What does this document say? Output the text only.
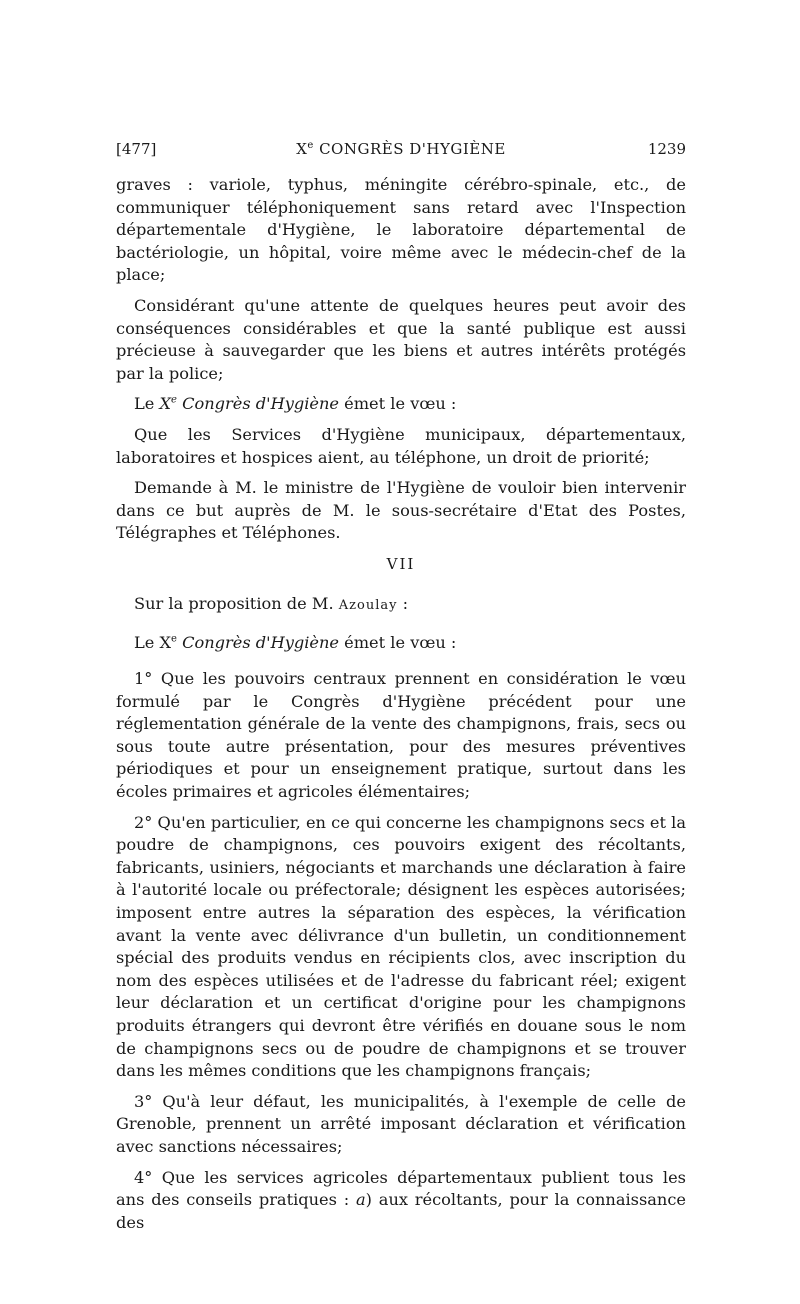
[477]	Xe CONGRÈS D'HYGIÈNE	1239

graves : variole, typhus, méningite cérébro-spinale, etc., de communiquer téléphoniquement sans retard avec l'Inspection départementale d'Hygiène, le laboratoire départemental de bactériologie, un hôpital, voire même avec le médecin-chef de la place;

Considérant qu'une attente de quelques heures peut avoir des conséquences considérables et que la santé publique est aussi précieuse à sauvegarder que les biens et autres intérêts protégés par la police;

Le Xe Congrès d'Hygiène émet le vœu :

Que les Services d'Hygiène municipaux, départementaux, laboratoires et hospices aient, au téléphone, un droit de priorité;

Demande à M. le ministre de l'Hygiène de vouloir bien intervenir dans ce but auprès de M. le sous-secrétaire d'Etat des Postes, Télégraphes et Téléphones.

VII

Sur la proposition de M. Azoulay :

Le Xe Congrès d'Hygiène émet le vœu :

1° Que les pouvoirs centraux prennent en considération le vœu formulé par le Congrès d'Hygiène précédent pour une réglementation générale de la vente des champignons, frais, secs ou sous toute autre présentation, pour des mesures préventives périodiques et pour un enseignement pratique, surtout dans les écoles primaires et agricoles élémentaires;

2° Qu'en particulier, en ce qui concerne les champignons secs et la poudre de champignons, ces pouvoirs exigent des récoltants, fabricants, usiniers, négociants et marchands une déclaration à faire à l'autorité locale ou préfectorale; désignent les espèces autorisées; imposent entre autres la séparation des espèces, la vérification avant la vente avec délivrance d'un bulletin, un conditionnement spécial des produits vendus en récipients clos, avec inscription du nom des espèces utilisées et de l'adresse du fabricant réel; exigent leur déclaration et un certificat d'origine pour les champignons produits étrangers qui devront être vérifiés en douane sous le nom de champignons secs ou de poudre de champignons et se trouver dans les mêmes conditions que les champignons français;

3° Qu'à leur défaut, les municipalités, à l'exemple de celle de Grenoble, prennent un arrêté imposant déclaration et vérification avec sanctions nécessaires;

4° Que les services agricoles départementaux publient tous les ans des conseils pratiques : a) aux récoltants, pour la connaissance des
